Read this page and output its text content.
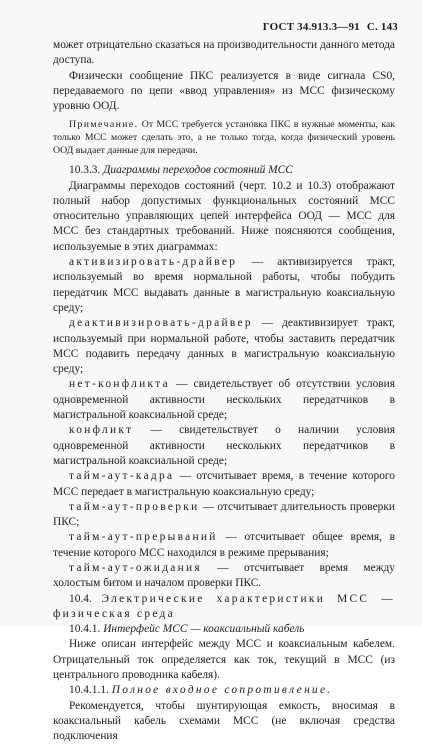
ГОСТ 34.913.3—91 С. 143
может отрицательно сказаться на производительности данного метода доступа.
Физически сообщение ПКС реализуется в виде сигнала CS0, передаваемого по цепи «ввод управления» из МСС физическому уровню ООД.
Примечание. От МСС требуется установка ПКС в нужные моменты, как только МСС может сделать это, а не только тогда, когда физический уровень ООД выдает данные для передачи.
10.3.3. Диаграммы переходов состояний МСС
Диаграммы переходов состояний (черт. 10.2 и 10.3) отображают полный набор допустимых функциональных состояний МСС относительно управляющих цепей интерфейса ООД — МСС для МСС без стандартных требований. Ниже поясняются сообщения, используемые в этих диаграммах:
активизировать-драйвер — активизируется тракт, используемый во время нормальной работы, чтобы побудить передатчик МСС выдавать данные в магистральную коаксиальную среду;
деактивизировать-драйвер — деактивизирует тракт, используемый при нормальной работе, чтобы заставить передатчик МСС подавить передачу данных в магистральную коаксиальную среду;
нет-конфликта — свидетельствует об отсутствии условия одновременной активности нескольких передатчиков в магистральной коаксиальной среде;
конфликт — свидетельствует о наличии условия одновременной активности нескольких передатчиков в магистральной коаксиальной среде;
тайм-аут-кадра — отсчитывает время, в течение которого МСС передает в магистральную коаксиальную среду;
тайм-аут-проверки — отсчитывает длительность проверки ПКС;
тайм-аут-прерываний — отсчитывает общее время, в течение которого МСС находился в режиме прерывания;
тайм-аут-ожидания — отсчитывает время между холостым битом и началом проверки ПКС.
10.4. Электрические характеристики МСС — физическая среда
10.4.1. Интерфейс МСС — коаксиальный кабель
Ниже описан интерфейс между МСС и коаксиальным кабелем. Отрицательный ток определяется как ток, текущий в МСС (из центрального проводника кабеля).
10.4.1.1. Полное входное сопротивление.
Рекомендуется, чтобы шунтирующая емкость, вносимая в коаксиальный кабель схемами МСС (не включая средства подключения
